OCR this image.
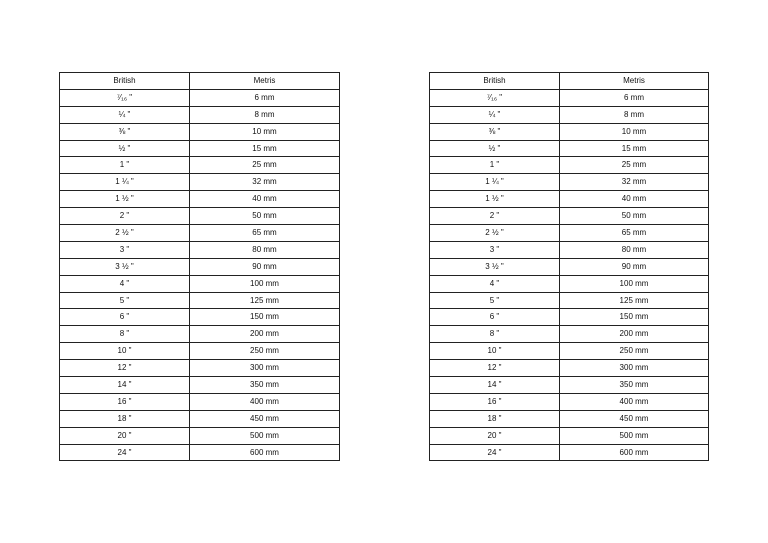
British	Metris
⁷⁄₁₆ "	6 mm
¼ "	8 mm
⅜ "	10 mm
½ "	15 mm
1 "	25 mm
1 ¼ "	32 mm
1 ½ "	40 mm
2 "	50 mm
2 ½ "	65 mm
3 "	80 mm
3 ½ "	90 mm
4 "	100 mm
5 "	125 mm
6 "	150 mm
8 "	200 mm
10 "	250 mm
12 "	300 mm
14 "	350 mm
16 "	400 mm
18 "	450 mm
20 "	500 mm
24 "	600 mm
British	Metris
⁷⁄₁₆ "	6 mm
¼ "	8 mm
⅜ "	10 mm
½ "	15 mm
1 "	25 mm
1 ¼ "	32 mm
1 ½ "	40 mm
2 "	50 mm
2 ½ "	65 mm
3 "	80 mm
3 ½ "	90 mm
4 "	100 mm
5 "	125 mm
6 "	150 mm
8 "	200 mm
10 "	250 mm
12 "	300 mm
14 "	350 mm
16 "	400 mm
18 "	450 mm
20 "	500 mm
24 "	600 mm
